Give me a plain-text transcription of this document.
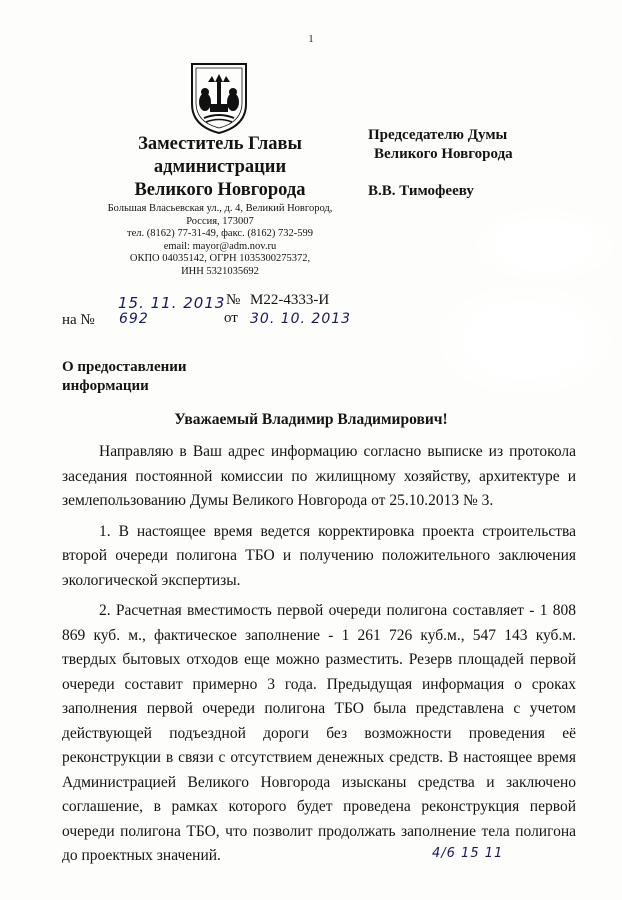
1
Заместитель Главы
администрации
Великого Новгорода
Большая Власьевская ул., д. 4, Великий Новгород,
Россия, 173007
тел. (8162) 77-31-49, факс. (8162) 732-599
email: mayor@adm.nov.ru
ОКПО 04035142, ОГРН 1035300275372,
ИНН 5321035692
Председателю Думы
Великого Новгорода
В.В. Тимофееву
15. 11. 2013 № М22-4333-И
на № 692	от 30. 10. 2013
О предоставлении
информации
Уважаемый Владимир Владимирович!

Направляю в Ваш адрес информацию согласно выписке из протокола заседания постоянной комиссии по жилищному хозяйству, архитектуре и землепользованию Думы Великого Новгорода от 25.10.2013 № 3.

1. В настоящее время ведется корректировка проекта строительства второй очереди полигона ТБО и получению положительного заключения экологической экспертизы.

2. Расчетная вместимость первой очереди полигона составляет - 1 808 869 куб. м., фактическое заполнение - 1 261 726 куб.м., 547 143 куб.м. твердых бытовых отходов еще можно разместить. Резерв площадей первой очереди составит примерно 3 года. Предыдущая информация о сроках заполнения первой очереди полигона ТБО была представлена с учетом действующей подъездной дороги без возможности проведения её реконструкции в связи с отсутствием денежных средств. В настоящее время Администрацией Великого Новгорода изысканы средства и заключено соглашение, в рамках которого будет проведена реконструкция первой очереди полигона ТБО, что позволит продолжать заполнение тела полигона до проектных значений.	4/6 15 11
